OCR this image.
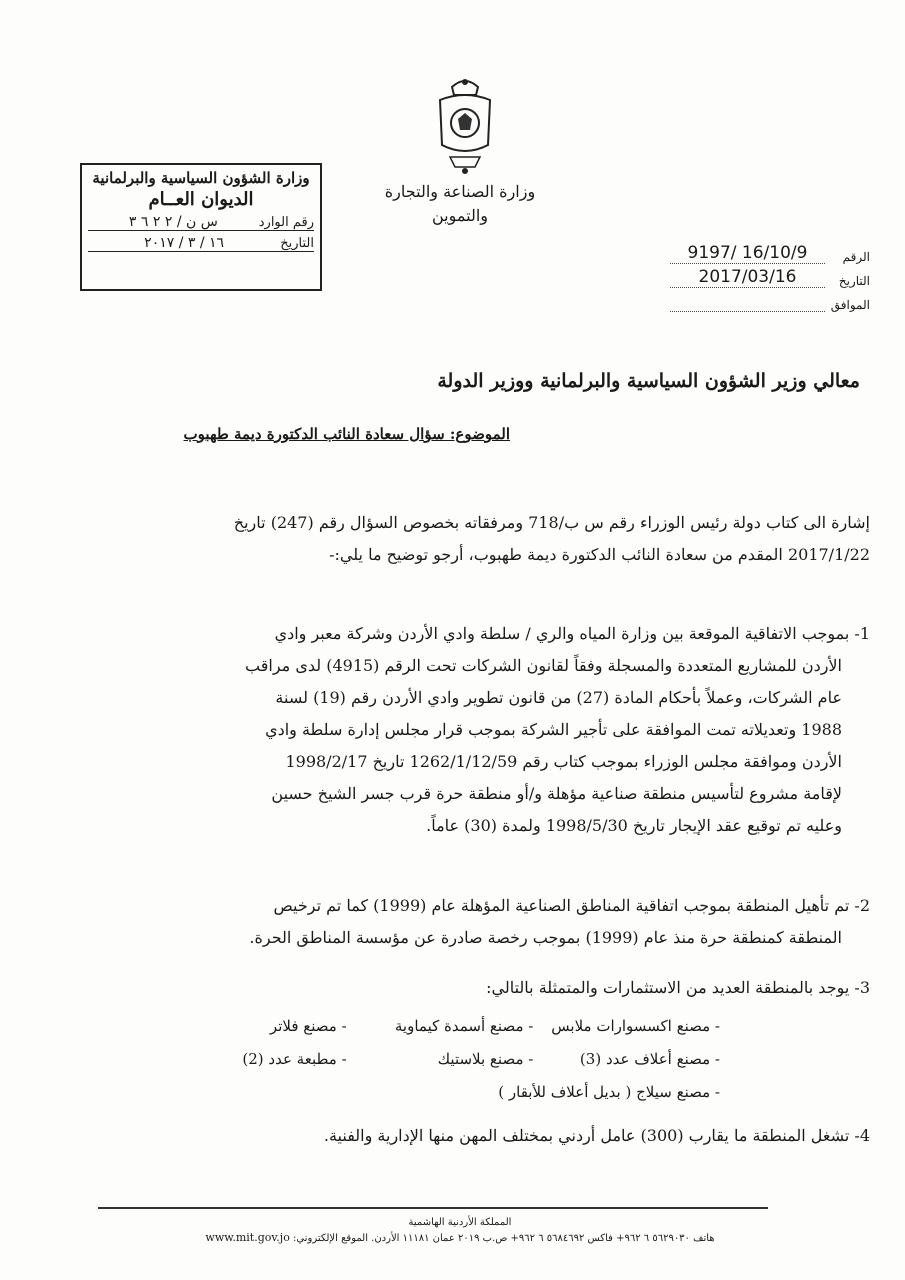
وزارة الصناعة والتجارة
والتموين
وزارة الشؤون السياسية والبرلمانية
الديوان العــام
رقم الوارد
س ن / ٢ ٢ ٦ ٣
التاريخ
١٦ / ٣ / ٢٠١٧
الرقم
9197/ 16/10/9
التاريخ
2017/03/16
الموافق

معالي وزير الشؤون السياسية والبرلمانية ووزير الدولة
الموضوع: سؤال سعادة النائب الدكتورة ديمة طهبوب
إشارة الى كتاب دولة رئيس الوزراء رقم س ب/718 ومرفقاته بخصوص السؤال رقم (247) تاريخ
2017/1/22 المقدم من سعادة النائب الدكتورة ديمة طهبوب، أرجو توضيح ما يلي:-
1- بموجب الاتفاقية الموقعة بين وزارة المياه والري / سلطة وادي الأردن وشركة معبر وادي
الأردن للمشاريع المتعددة والمسجلة وفقاً لقانون الشركات تحت الرقم (4915) لدى مراقب
عام الشركات، وعملاً بأحكام المادة (27) من قانون تطوير وادي الأردن رقم (19) لسنة
1988 وتعديلاته تمت الموافقة على تأجير الشركة بموجب قرار مجلس إدارة سلطة وادي
الأردن وموافقة مجلس الوزراء بموجب كتاب رقم 1262/1/12/59 تاريخ 1998/2/17
لإقامة مشروع لتأسيس منطقة صناعية مؤهلة و/أو منطقة حرة قرب جسر الشيخ حسين
وعليه تم توقيع عقد الإيجار تاريخ 1998/5/30 ولمدة (30) عاماً.
2- تم تأهيل المنطقة بموجب اتفاقية المناطق الصناعية المؤهلة عام (1999) كما تم ترخيص
المنطقة كمنطقة حرة منذ عام (1999) بموجب رخصة صادرة عن مؤسسة المناطق الحرة.
3- يوجد بالمنطقة العديد من الاستثمارات والمتمثلة بالتالي:
- مصنع اكسسوارات ملابس
- مصنع أسمدة كيماوية
- مصنع فلاتر
- مصنع أعلاف عدد (3)
- مصنع بلاستيك
- مطبعة عدد (2)
- مصنع سيلاج ( بديل أعلاف للأبقار )
4- تشغل المنطقة ما يقارب (300) عامل أردني بمختلف المهن منها الإدارية والفنية.
المملكة الأردنية الهاشمية
هاتف ٥٦٢٩٠٣٠ ٦ ٩٦٢+ فاكس ٥٦٨٤٦٩٢ ٦ ٩٦٢+ ص.ب ٢٠١٩ عمان ١١١٨١ الأردن. الموقع الإلكتروني: www.mit.gov.jo
